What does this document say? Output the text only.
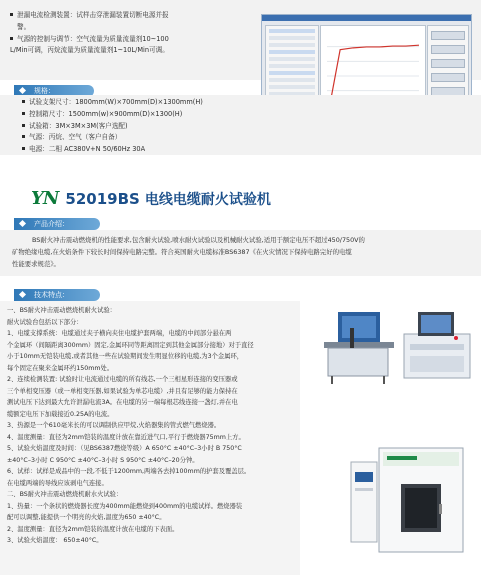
泄漏电流检测装置：试样击穿泄漏装置切断电源并报
警。
气源的控制与调节：空气流量为质量流量剂10~100
L/Min可调，丙烷流量为质量流量剂1~10L/Min可调。
规格：
试验支架尺寸：1800mm(W)×700mm(D)×1300mm(H)
控制箱尺寸：1500mm(w)×900mm(D)×1300(H)
试验箱：3M×3M×3M(客户选配)
气源：丙烷、空气（客户自备）
电源：二相 AC380V+N 50/60Hz 30A
YN 52019BS 电线电缆耐火试验机
产品介绍：
BS耐火冲击震动燃烧机的性能要求,包含耐火试验,喷水耐火试验以及机械耐火试验,适用于额定电压不超过450/750V的
矿物绝缘电缆,在火焰条件下较长时间保持电路完整。符合英国耐火电缆标准BS6387《在火灾情况下保持电路完好的电缆
性能要求规范》。
技术特点：
一、BS耐火冲击震动燃烧机耐火试验：
耐火试验台包括以下部分：
1、电缆支撑系统：电缆通过夹子横向夹住电缆护套两端，电缆的中间部分悬在两
个金属环（间隔距离300mm）固定,金属环同等距离固定到其他金属部分接地）对于直径
小于10mm无铠装电缆,或者其他一些在试验期间发生明显位移的电缆,为3个金属环，
每个固定在聚来金属环约150mm处。
2、连续检测装置: 试验时让电流通过电缆的所有线芯,一个三相星形连接的变压器或
三个单相变压器（或一单相变压器,如果试验为单芯电缆）,并且有足够的能力保持在
测试电压下达到最大允许泄漏电流3A。在电缆的另一端每根芯线连接一盏灯,并在电
缆额定电压下加载接近0.25A的电流。
3、热源是一个610毫米长的可以调制供应甲烷,火焰器集的管式燃气燃烧器。
4、温度测量：直径为2mm铠装的温度计放在靠近进气口,平行于燃烧器75mm上方。
5、试验火焰温度及时间：（见BS6387燃烧等级）A 650°C ±40°C–3小时 B 750°C
±40°C–3小时 C 950°C ±40°C–3小时 S 950°C ±40°C–20分钟。
6、试样：试样是成品中的一段,不低于1200mm,两端各去掉100mm的护套及覆盖层。
在电缆两端的导线应该剥电气连接。
二、BS耐火冲击震动燃烧机耐水火试验：
1、热量：一个条状的燃烧器长度为400mm能燃烧到400mm的电缆试样。燃烧器装
配可以调整,能提供一个明亮的火焰,温度为650 ±40°C。
2、温度测量：直径为2mm铠装的温度计放在电缆的下表面。
3、试验火焰温度： 650±40°C。
